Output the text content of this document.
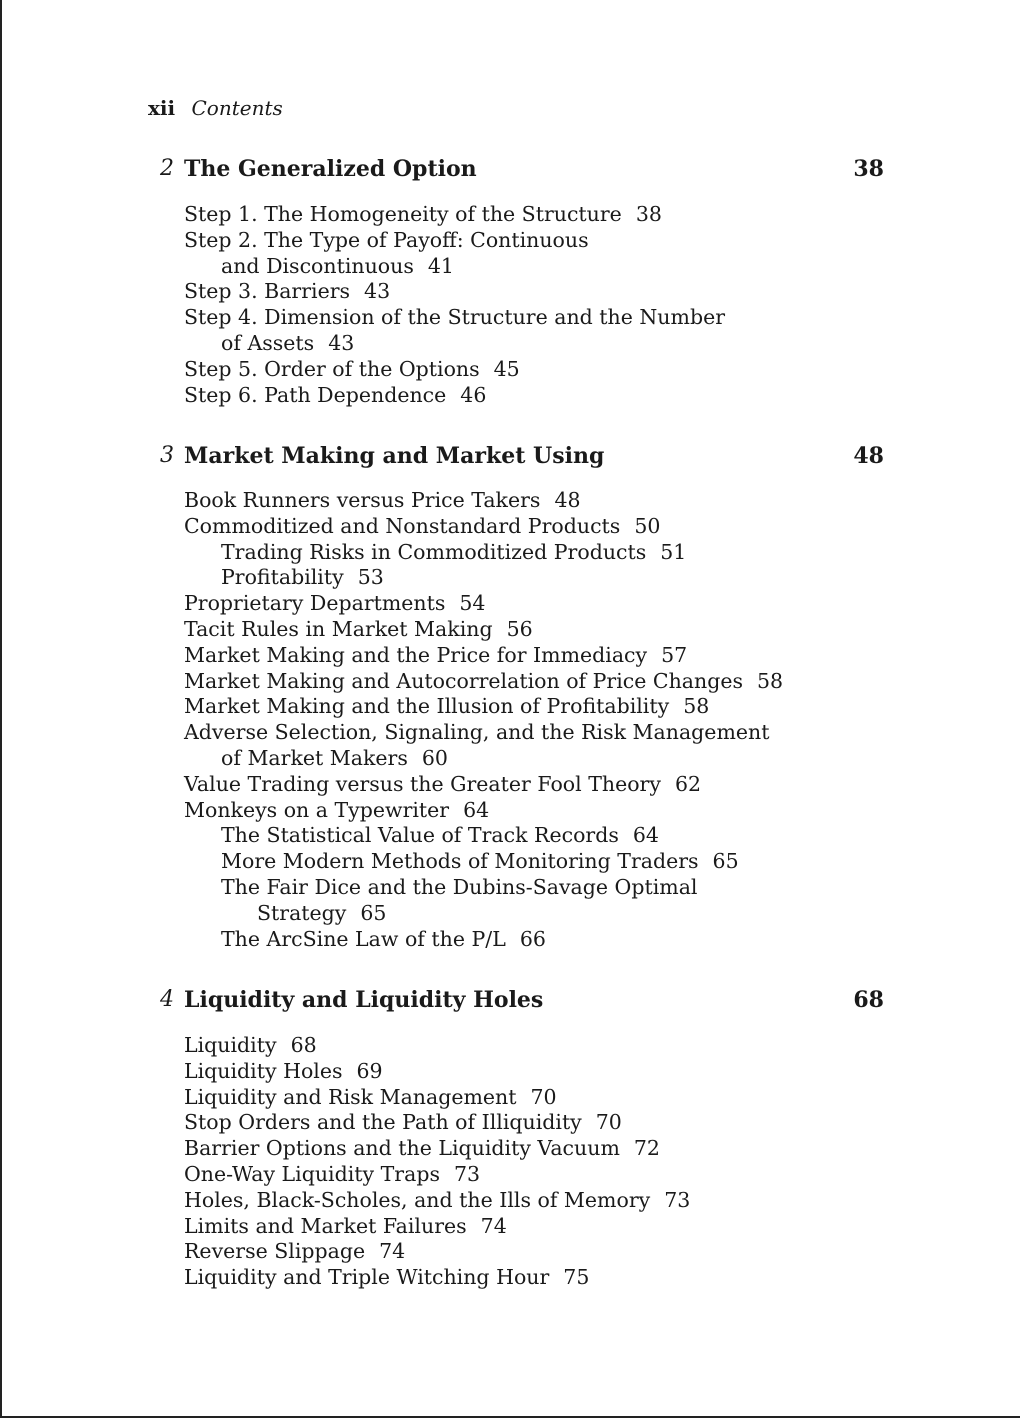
xii Contents
2 The Generalized Option	38
Step 1. The Homogeneity of the Structure 38
Step 2. The Type of Payoff: Continuous
and Discontinuous 41
Step 3. Barriers 43
Step 4. Dimension of the Structure and the Number
of Assets 43
Step 5. Order of the Options 45
Step 6. Path Dependence 46
3 Market Making and Market Using	48
Book Runners versus Price Takers 48
Commoditized and Nonstandard Products 50
Trading Risks in Commoditized Products 51
Profitability 53
Proprietary Departments 54
Tacit Rules in Market Making 56
Market Making and the Price for Immediacy 57
Market Making and Autocorrelation of Price Changes 58
Market Making and the Illusion of Profitability 58
Adverse Selection, Signaling, and the Risk Management
of Market Makers 60
Value Trading versus the Greater Fool Theory 62
Monkeys on a Typewriter 64
The Statistical Value of Track Records 64
More Modern Methods of Monitoring Traders 65
The Fair Dice and the Dubins-Savage Optimal
Strategy 65
The ArcSine Law of the P/L 66
4 Liquidity and Liquidity Holes	68
Liquidity 68
Liquidity Holes 69
Liquidity and Risk Management 70
Stop Orders and the Path of Illiquidity 70
Barrier Options and the Liquidity Vacuum 72
One-Way Liquidity Traps 73
Holes, Black-Scholes, and the Ills of Memory 73
Limits and Market Failures 74
Reverse Slippage 74
Liquidity and Triple Witching Hour 75
